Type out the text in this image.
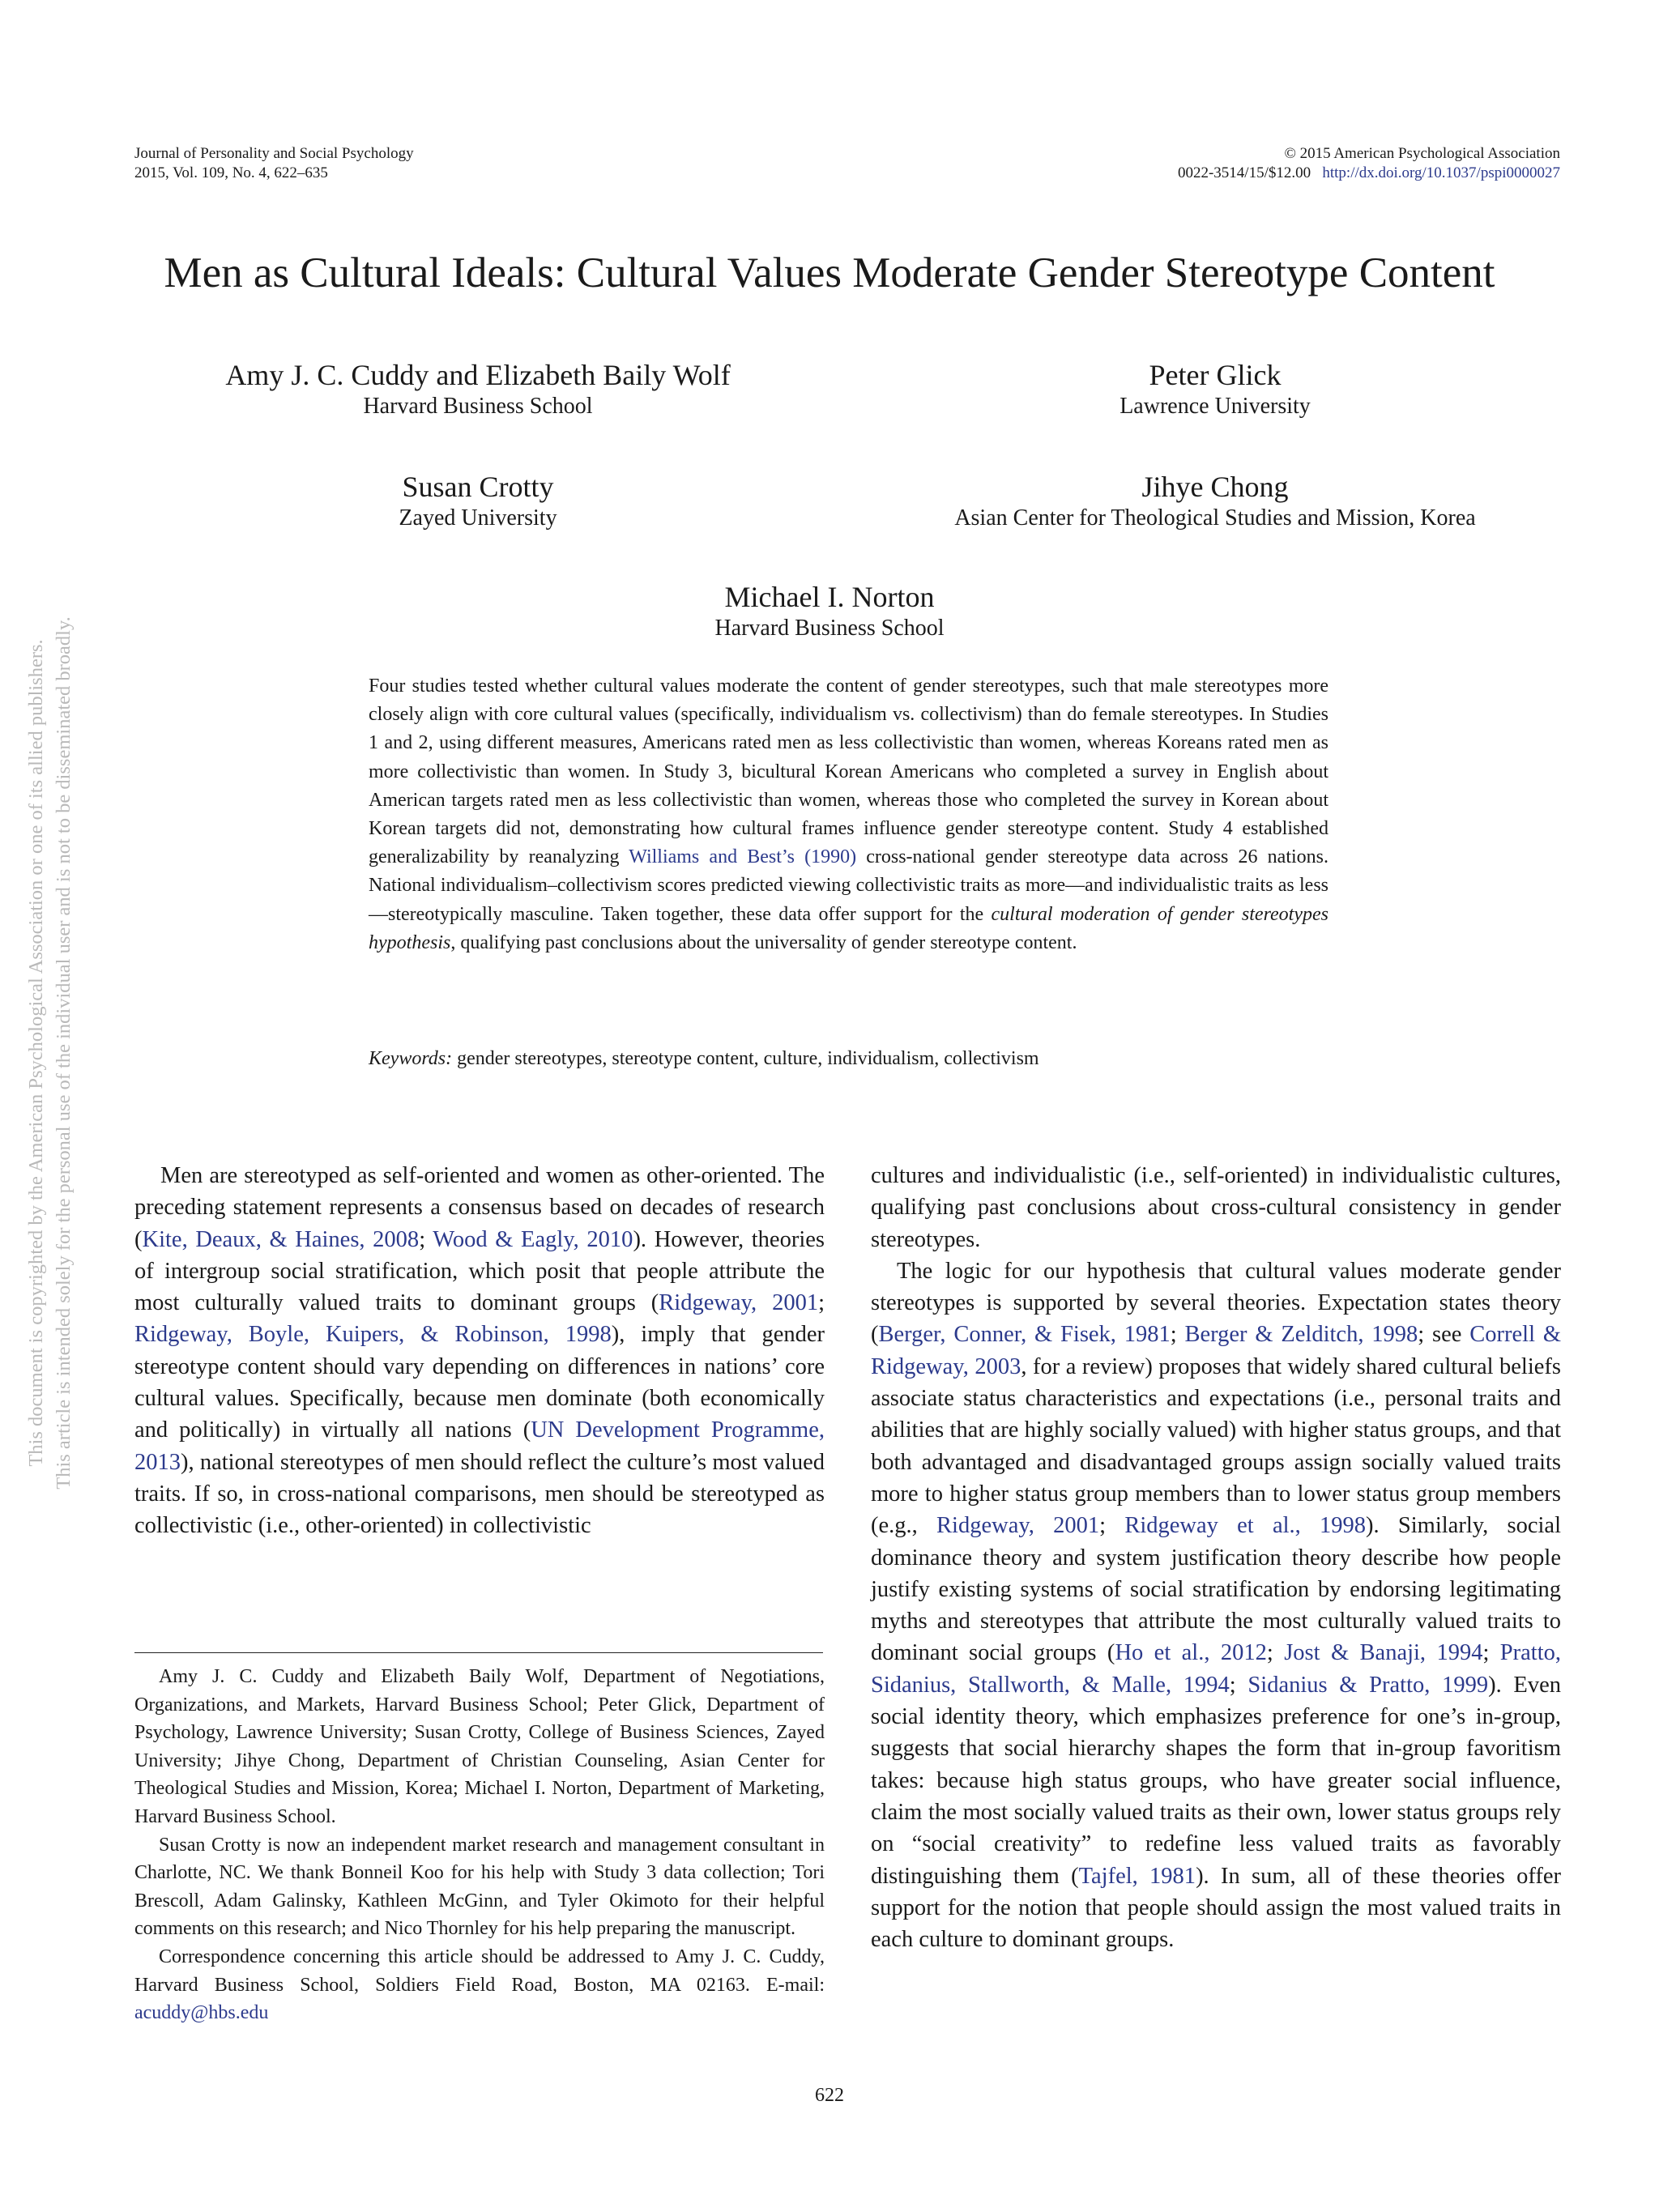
Journal of Personality and Social Psychology
2015, Vol. 109, No. 4, 622–635
© 2015 American Psychological Association
0022-3514/15/$12.00 http://dx.doi.org/10.1037/pspi0000027
Men as Cultural Ideals: Cultural Values Moderate Gender Stereotype Content
Amy J. C. Cuddy and Elizabeth Baily Wolf
Harvard Business School
Peter Glick
Lawrence University
Susan Crotty
Zayed University
Jihye Chong
Asian Center for Theological Studies and Mission, Korea
Michael I. Norton
Harvard Business School

Four studies tested whether cultural values moderate the content of gender stereotypes, such that male stereotypes more closely align with core cultural values (specifically, individualism vs. collectivism) than do female stereotypes. In Studies 1 and 2, using different measures, Americans rated men as less collectivistic than women, whereas Koreans rated men as more collectivistic than women. In Study 3, bicultural Korean Americans who completed a survey in English about American targets rated men as less collectivistic than women, whereas those who completed the survey in Korean about Korean targets did not, demonstrating how cultural frames influence gender stereotype content. Study 4 established generalizability by reanalyzing Williams and Best’s (1990) cross-national gender stereotype data across 26 nations. National individualism–collectivism scores predicted viewing collectivistic traits as more—and individualistic traits as less—stereotypically masculine. Taken together, these data offer support for the cultural moderation of gender stereotypes hypothesis, qualifying past conclusions about the universality of gender stereotype content.

Keywords: gender stereotypes, stereotype content, culture, individualism, collectivism

Men are stereotyped as self-oriented and women as other-oriented. The preceding statement represents a consensus based on decades of research (Kite, Deaux, & Haines, 2008; Wood & Eagly, 2010). However, theories of intergroup social stratification, which posit that people attribute the most culturally valued traits to dominant groups (Ridgeway, 2001; Ridgeway, Boyle, Kuipers, & Robinson, 1998), imply that gender stereotype content should vary depending on differences in nations’ core cultural values. Specifically, because men dominate (both economically and politically) in virtually all nations (UN Development Programme, 2013), national stereotypes of men should reflect the culture’s most valued traits. If so, in cross-national comparisons, men should be stereotyped as collectivistic (i.e., other-oriented) in collectivistic

cultures and individualistic (i.e., self-oriented) in individualistic cultures, qualifying past conclusions about cross-cultural consistency in gender stereotypes.

The logic for our hypothesis that cultural values moderate gender stereotypes is supported by several theories. Expectation states theory (Berger, Conner, & Fisek, 1981; Berger & Zelditch, 1998; see Correll & Ridgeway, 2003, for a review) proposes that widely shared cultural beliefs associate status characteristics and expectations (i.e., personal traits and abilities that are highly socially valued) with higher status groups, and that both advantaged and disadvantaged groups assign socially valued traits more to higher status group members than to lower status group members (e.g., Ridgeway, 2001; Ridgeway et al., 1998). Similarly, social dominance theory and system justification theory describe how people justify existing systems of social stratification by endorsing legitimating myths and stereotypes that attribute the most culturally valued traits to dominant social groups (Ho et al., 2012; Jost & Banaji, 1994; Pratto, Sidanius, Stallworth, & Malle, 1994; Sidanius & Pratto, 1999). Even social identity theory, which emphasizes preference for one’s in-group, suggests that social hierarchy shapes the form that in-group favoritism takes: because high status groups, who have greater social influence, claim the most socially valued traits as their own, lower status groups rely on “social creativity” to redefine less valued traits as favorably distinguishing them (Tajfel, 1981). In sum, all of these theories offer support for the notion that people should assign the most valued traits in each culture to dominant groups.

Amy J. C. Cuddy and Elizabeth Baily Wolf, Department of Negotiations, Organizations, and Markets, Harvard Business School; Peter Glick, Department of Psychology, Lawrence University; Susan Crotty, College of Business Sciences, Zayed University; Jihye Chong, Department of Christian Counseling, Asian Center for Theological Studies and Mission, Korea; Michael I. Norton, Department of Marketing, Harvard Business School.

Susan Crotty is now an independent market research and management consultant in Charlotte, NC. We thank Bonneil Koo for his help with Study 3 data collection; Tori Brescoll, Adam Galinsky, Kathleen McGinn, and Tyler Okimoto for their helpful comments on this research; and Nico Thornley for his help preparing the manuscript.

Correspondence concerning this article should be addressed to Amy J. C. Cuddy, Harvard Business School, Soldiers Field Road, Boston, MA 02163. E-mail: acuddy@hbs.edu

622
This document is copyrighted by the American Psychological Association or one of its allied publishers. This article is intended solely for the personal use of the individual user and is not to be disseminated broadly.
